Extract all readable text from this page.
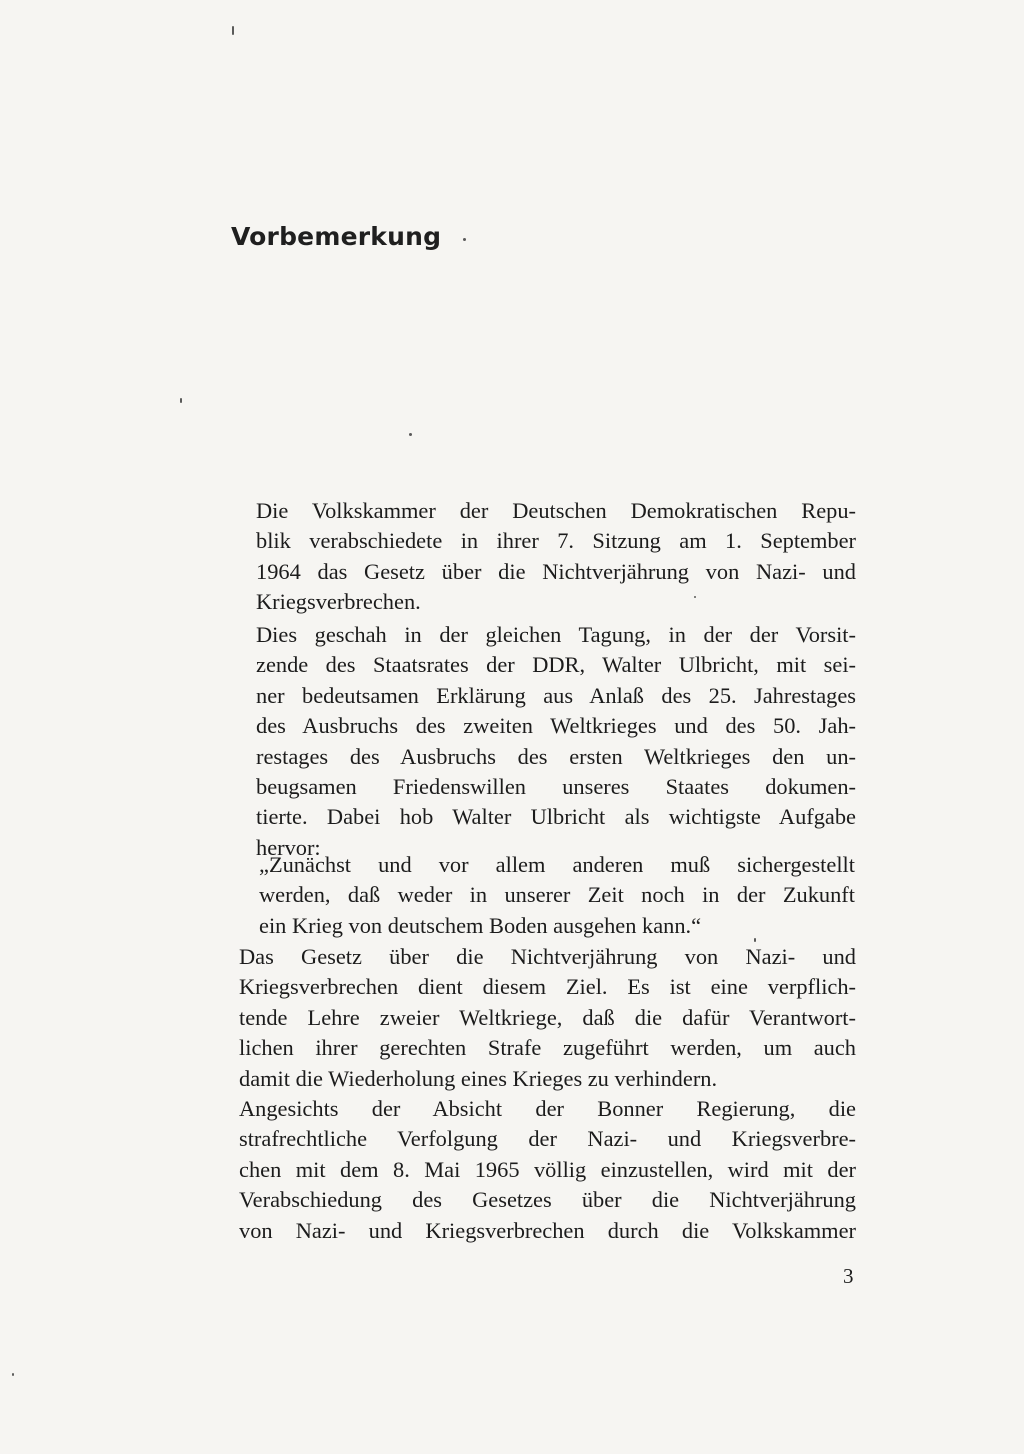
Vorbemerkung

Die Volkskammer der Deutschen Demokratischen Repu-
blik verabschiedete in ihrer 7. Sitzung am 1. September
1964 das Gesetz über die Nichtverjährung von Nazi- und
Kriegsverbrechen.

Dies geschah in der gleichen Tagung, in der der Vorsit-
zende des Staatsrates der DDR, Walter Ulbricht, mit sei-
ner bedeutsamen Erklärung aus Anlaß des 25. Jahrestages
des Ausbruchs des zweiten Weltkrieges und des 50. Jah-
restages des Ausbruchs des ersten Weltkrieges den un-
beugsamen Friedenswillen unseres Staates dokumen-
tierte. Dabei hob Walter Ulbricht als wichtigste Aufgabe
hervor:

„Zunächst und vor allem anderen muß sichergestellt
werden, daß weder in unserer Zeit noch in der Zukunft
ein Krieg von deutschem Boden ausgehen kann.“

Das Gesetz über die Nichtverjährung von Nazi- und
Kriegsverbrechen dient diesem Ziel. Es ist eine verpflich-
tende Lehre zweier Weltkriege, daß die dafür Verantwort-
lichen ihrer gerechten Strafe zugeführt werden, um auch
damit die Wiederholung eines Krieges zu verhindern.

Angesichts der Absicht der Bonner Regierung, die
strafrechtliche Verfolgung der Nazi- und Kriegsverbre-
chen mit dem 8. Mai 1965 völlig einzustellen, wird mit der
Verabschiedung des Gesetzes über die Nichtverjährung
von Nazi- und Kriegsverbrechen durch die Volkskammer

3
